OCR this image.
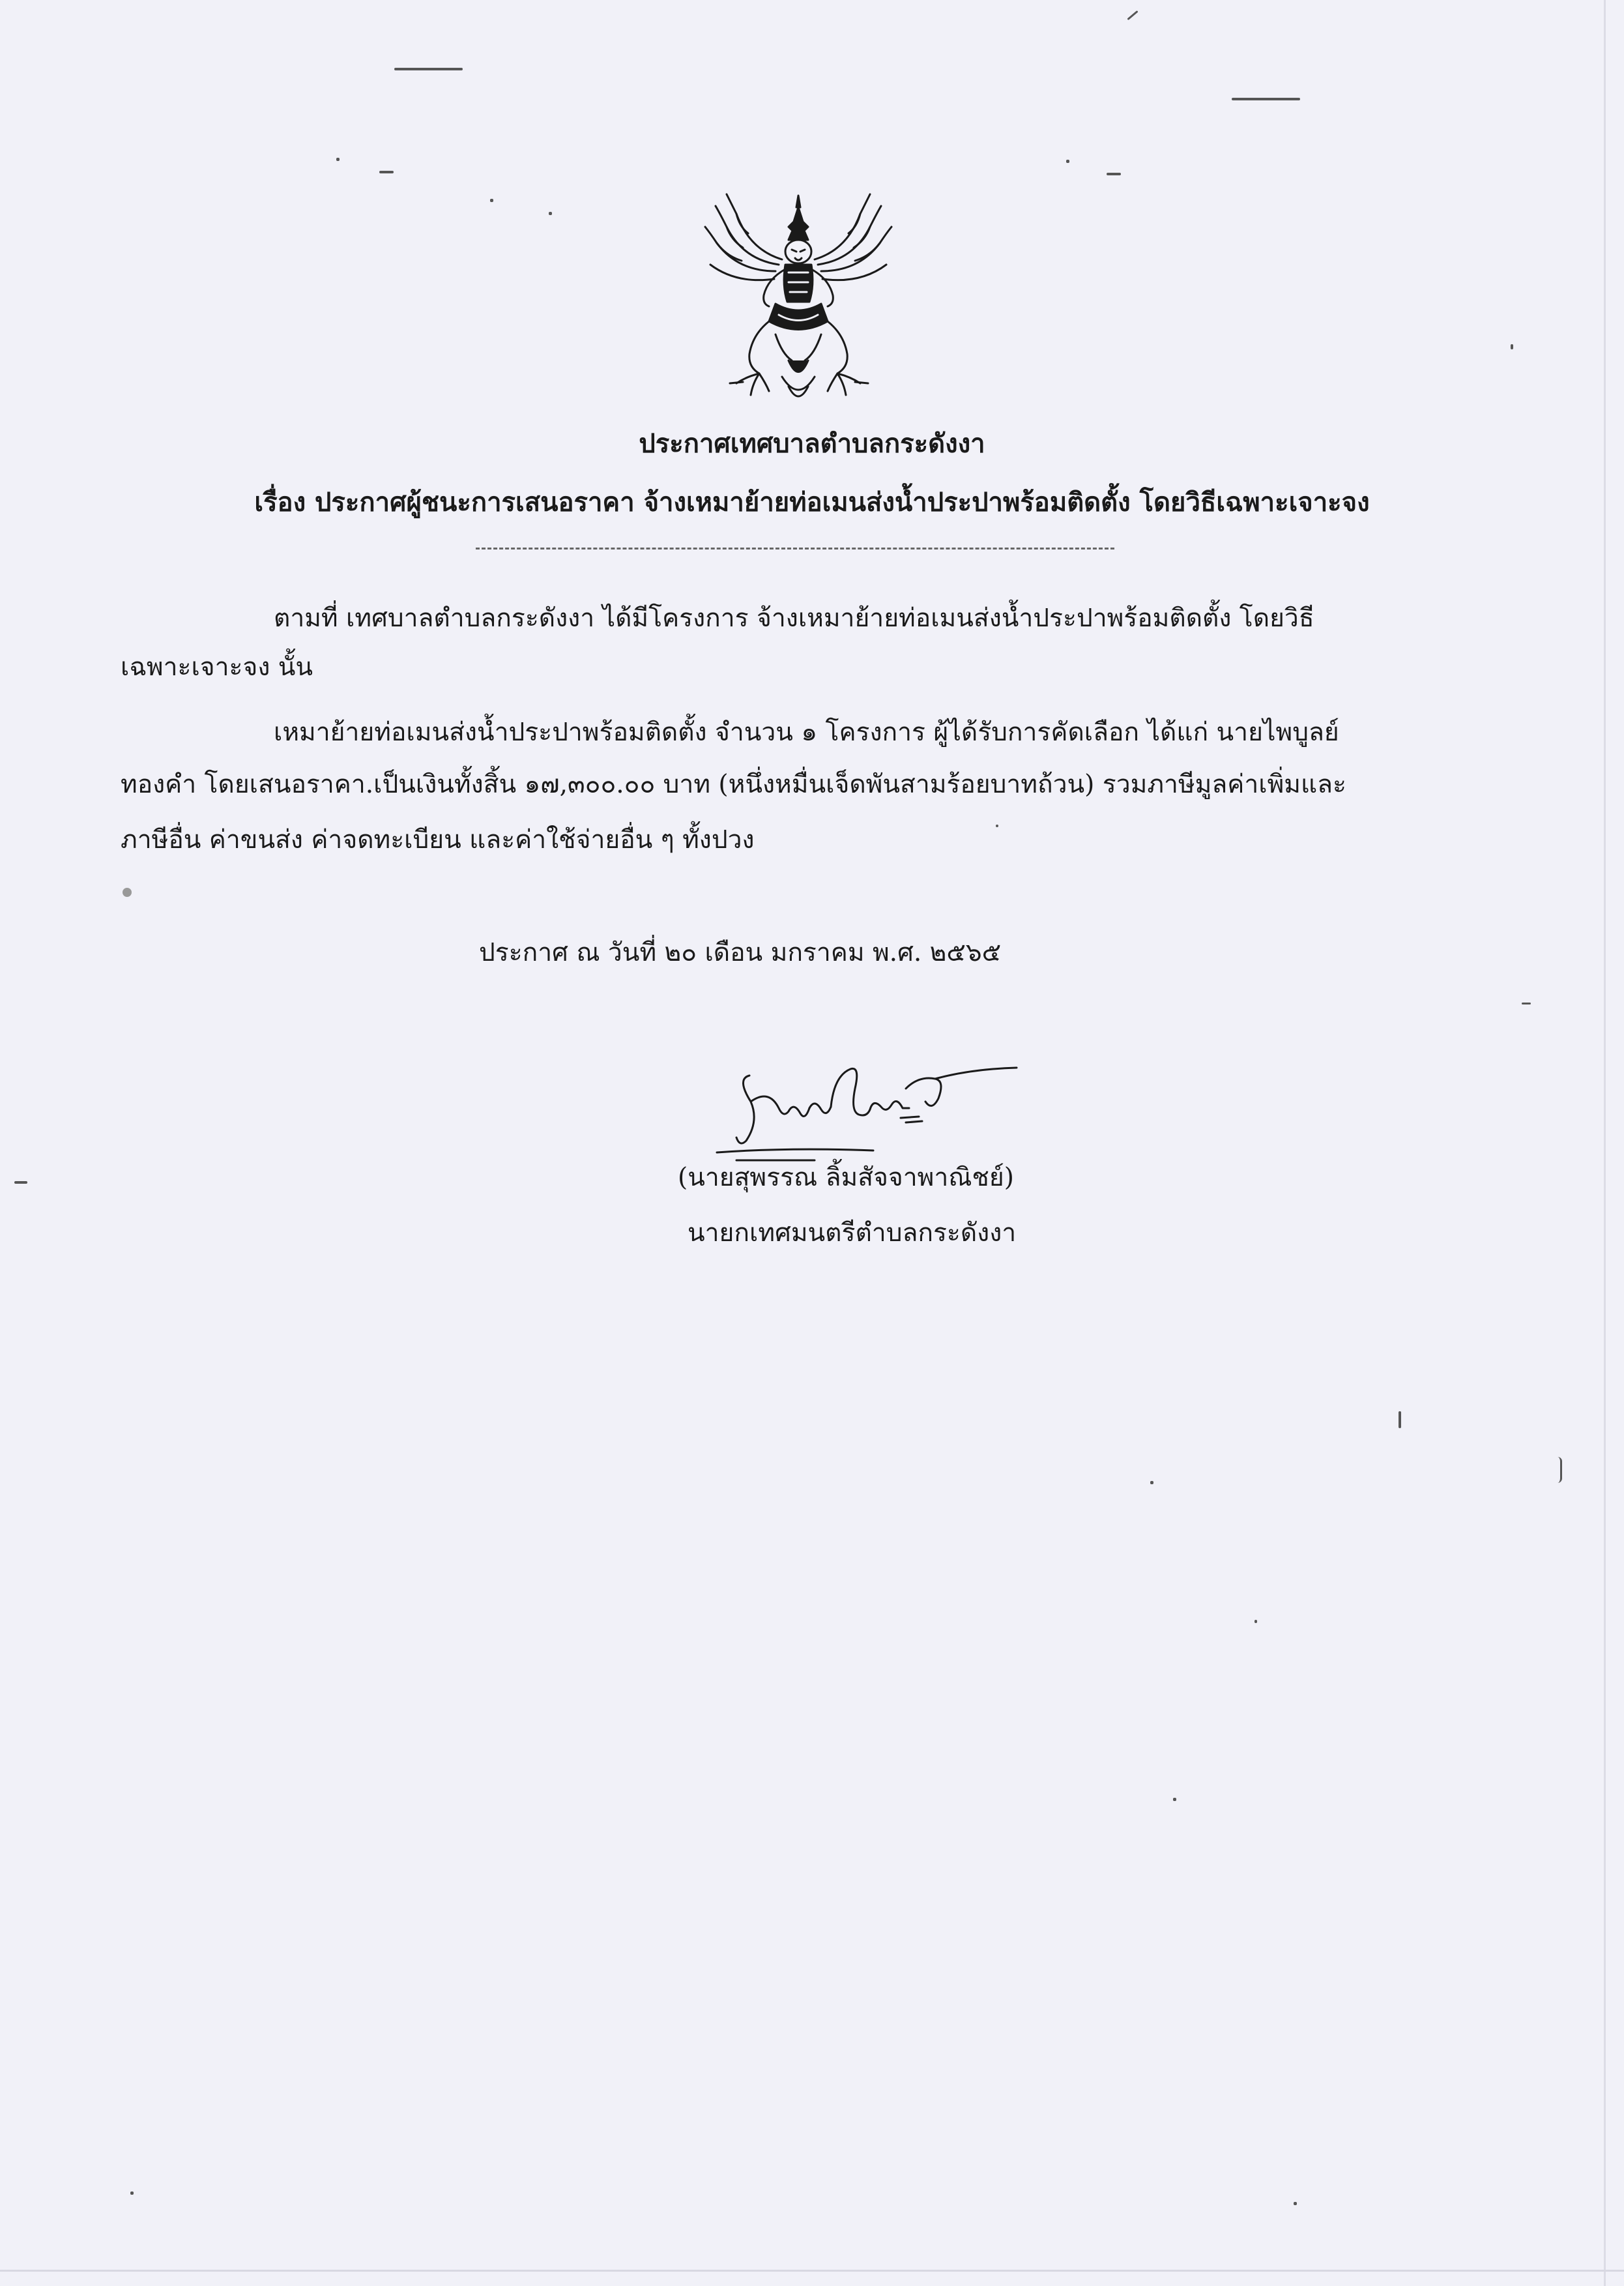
ประกาศเทศบาลตำบลกระดังงา
เรื่อง ประกาศผู้ชนะการเสนอราคา จ้างเหมาย้ายท่อเมนส่งน้ำประปาพร้อมติดตั้ง โดยวิธีเฉพาะเจาะจง
ตามที่ เทศบาลตำบลกระดังงา ได้มีโครงการ จ้างเหมาย้ายท่อเมนส่งน้ำประปาพร้อมติดตั้ง โดยวิธี
เฉพาะเจาะจง นั้น
เหมาย้ายท่อเมนส่งน้ำประปาพร้อมติดตั้ง จำนวน ๑ โครงการ ผู้ได้รับการคัดเลือก ได้แก่ นายไพบูลย์
ทองคำ โดยเสนอราคา.เป็นเงินทั้งสิ้น ๑๗,๓๐๐.๐๐ บาท (หนึ่งหมื่นเจ็ดพันสามร้อยบาทถ้วน) รวมภาษีมูลค่าเพิ่มและ
ภาษีอื่น ค่าขนส่ง ค่าจดทะเบียน และค่าใช้จ่ายอื่น ๆ ทั้งปวง
ประกาศ ณ วันที่ ๒๐ เดือน มกราคม พ.ศ. ๒๕๖๕
(นายสุพรรณ ลิ้มสัจจาพาณิชย์)
นายกเทศมนตรีตำบลกระดังงา
